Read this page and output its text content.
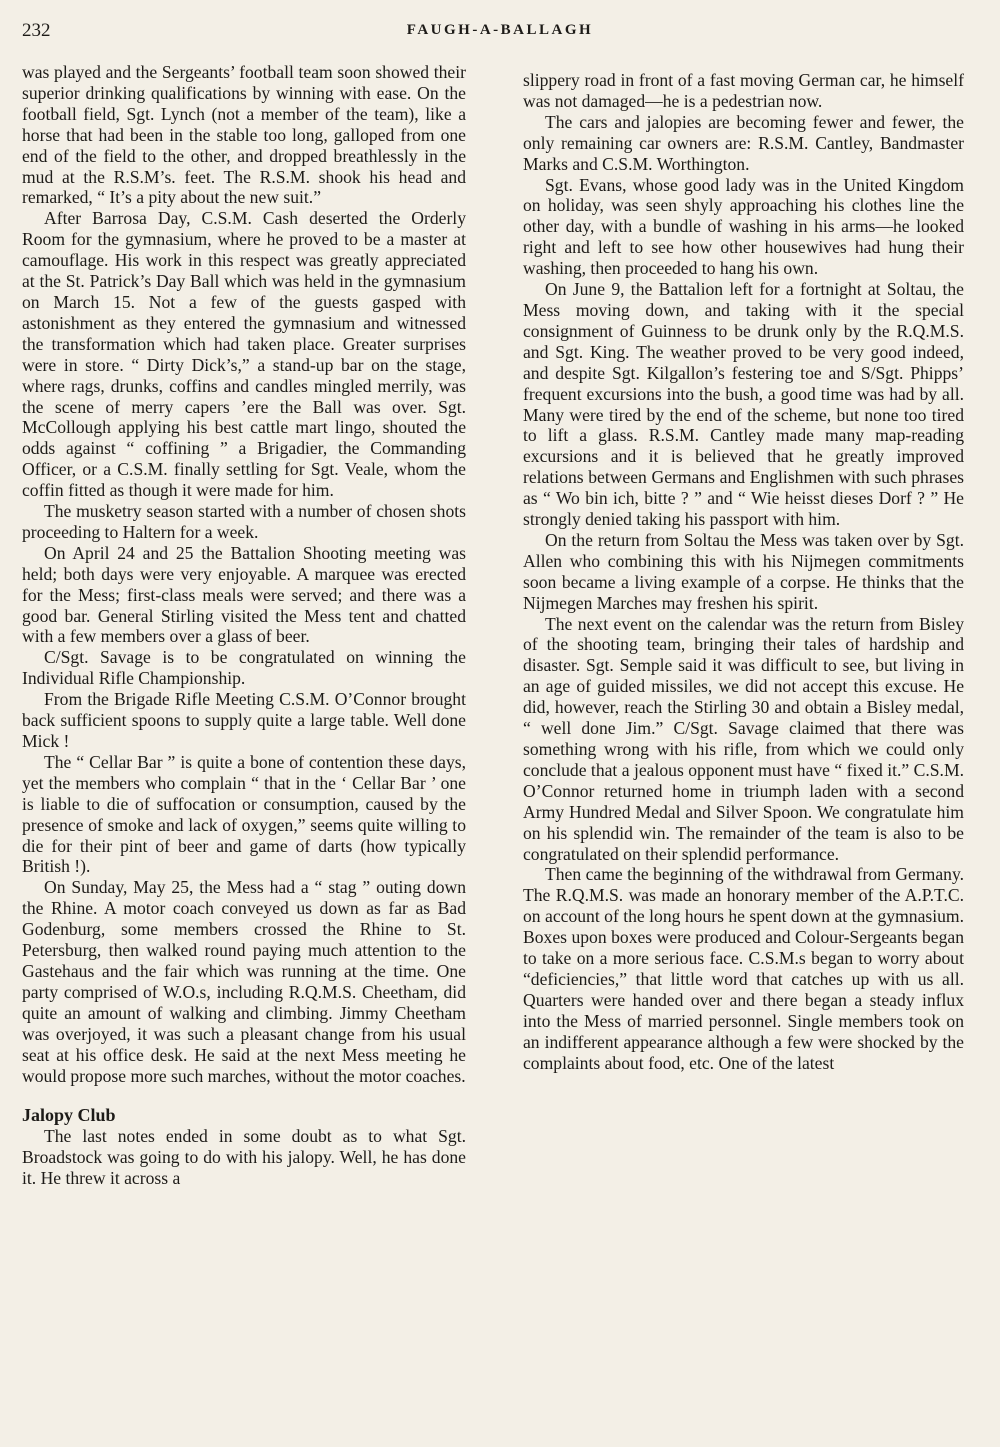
232	FAUGH-A-BALLAGH

was played and the Sergeants’ football team soon showed their superior drinking qualifications by winning with ease. On the football field, Sgt. Lynch (not a member of the team), like a horse that had been in the stable too long, galloped from one end of the field to the other, and dropped breathlessly in the mud at the R.S.M’s. feet. The R.S.M. shook his head and remarked, “ It’s a pity about the new suit.”

After Barrosa Day, C.S.M. Cash deserted the Orderly Room for the gymnasium, where he proved to be a master at camouflage. His work in this respect was greatly appreciated at the St. Patrick’s Day Ball which was held in the gymnasium on March 15. Not a few of the guests gasped with astonishment as they entered the gymnasium and witnessed the transformation which had taken place. Greater surprises were in store. “ Dirty Dick’s,” a stand-up bar on the stage, where rags, drunks, coffins and candles mingled merrily, was the scene of merry capers ’ere the Ball was over. Sgt. McCollough applying his best cattle mart lingo, shouted the odds against “ coffining ” a Brigadier, the Commanding Officer, or a C.S.M. finally settling for Sgt. Veale, whom the coffin fitted as though it were made for him.

The musketry season started with a number of chosen shots proceeding to Haltern for a week.

On April 24 and 25 the Battalion Shooting meeting was held; both days were very enjoyable. A marquee was erected for the Mess; first-class meals were served; and there was a good bar. General Stirling visited the Mess tent and chatted with a few members over a glass of beer.

C/Sgt. Savage is to be congratulated on winning the Individual Rifle Championship.

From the Brigade Rifle Meeting C.S.M. O’Connor brought back sufficient spoons to supply quite a large table. Well done Mick !

The “ Cellar Bar ” is quite a bone of contention these days, yet the members who complain “ that in the ‘ Cellar Bar ’ one is liable to die of suffocation or consumption, caused by the presence of smoke and lack of oxygen,” seems quite willing to die for their pint of beer and game of darts (how typically British !).

On Sunday, May 25, the Mess had a “ stag ” outing down the Rhine. A motor coach conveyed us down as far as Bad Godenburg, some members crossed the Rhine to St. Petersburg, then walked round paying much attention to the Gastehaus and the fair which was running at the time. One party comprised of W.O.s, including R.Q.M.S. Cheetham, did quite an amount of walking and climbing. Jimmy Cheetham was overjoyed, it was such a pleasant change from his usual seat at his office desk. He said at the next Mess meeting he would propose more such marches, without the motor coaches.

Jalopy Club

The last notes ended in some doubt as to what Sgt. Broadstock was going to do with his jalopy. Well, he has done it. He threw it across a

slippery road in front of a fast moving German car, he himself was not damaged—he is a pedestrian now.

The cars and jalopies are becoming fewer and fewer, the only remaining car owners are: R.S.M. Cantley, Bandmaster Marks and C.S.M. Worthington.

Sgt. Evans, whose good lady was in the United Kingdom on holiday, was seen shyly approaching his clothes line the other day, with a bundle of washing in his arms—he looked right and left to see how other housewives had hung their washing, then proceeded to hang his own.

On June 9, the Battalion left for a fortnight at Soltau, the Mess moving down, and taking with it the special consignment of Guinness to be drunk only by the R.Q.M.S. and Sgt. King. The weather proved to be very good indeed, and despite Sgt. Kilgallon’s festering toe and S/Sgt. Phipps’ frequent excursions into the bush, a good time was had by all. Many were tired by the end of the scheme, but none too tired to lift a glass. R.S.M. Cantley made many map-reading excursions and it is believed that he greatly improved relations between Germans and Englishmen with such phrases as “ Wo bin ich, bitte ? ” and “ Wie heisst dieses Dorf ? ” He strongly denied taking his passport with him.

On the return from Soltau the Mess was taken over by Sgt. Allen who combining this with his Nijmegen commitments soon became a living example of a corpse. He thinks that the Nijmegen Marches may freshen his spirit.

The next event on the calendar was the return from Bisley of the shooting team, bringing their tales of hardship and disaster. Sgt. Semple said it was difficult to see, but living in an age of guided missiles, we did not accept this excuse. He did, however, reach the Stirling 30 and obtain a Bisley medal, “ well done Jim.” C/Sgt. Savage claimed that there was something wrong with his rifle, from which we could only conclude that a jealous opponent must have “ fixed it.” C.S.M. O’Connor returned home in triumph laden with a second Army Hundred Medal and Silver Spoon. We congratulate him on his splendid win. The remainder of the team is also to be congratulated on their splendid performance.

Then came the beginning of the withdrawal from Germany. The R.Q.M.S. was made an honorary member of the A.P.T.C. on account of the long hours he spent down at the gymnasium. Boxes upon boxes were produced and Colour-Sergeants began to take on a more serious face. C.S.M.s began to worry about “deficiencies,” that little word that catches up with us all. Quarters were handed over and there began a steady influx into the Mess of married personnel. Single members took on an indifferent appearance although a few were shocked by the complaints about food, etc. One of the latest
